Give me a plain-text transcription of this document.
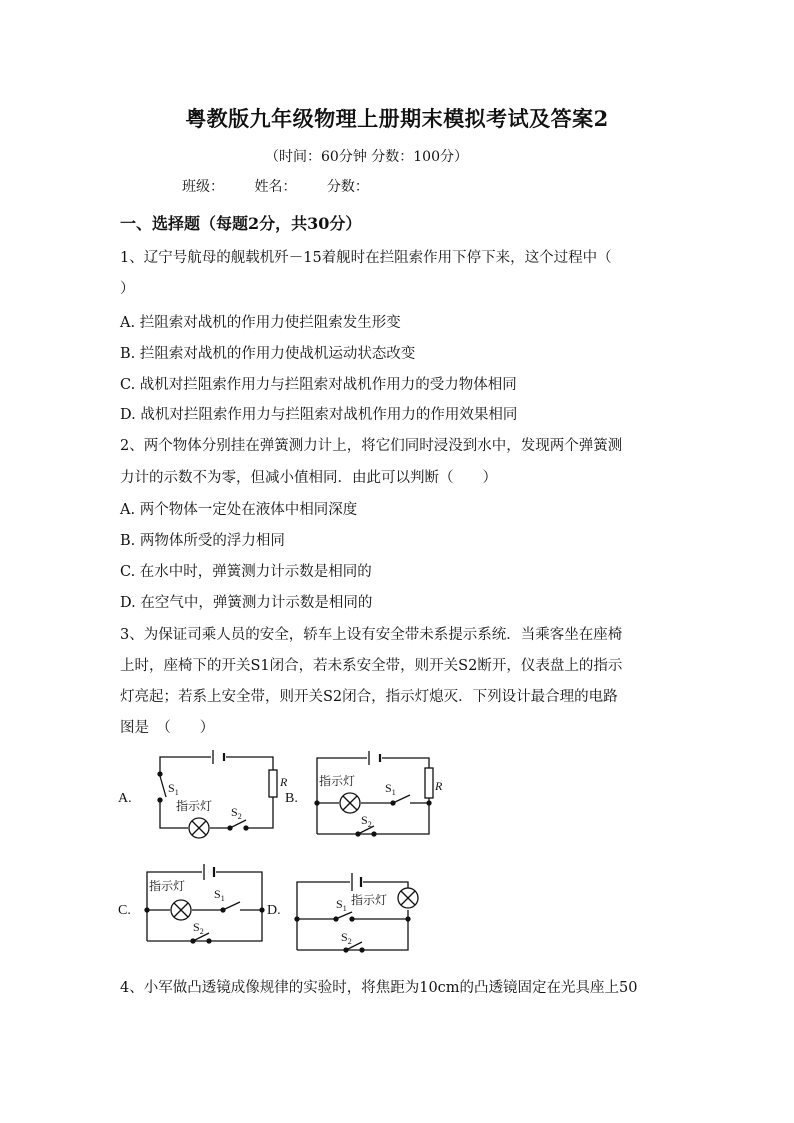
粤教版九年级物理上册期末模拟考试及答案2
（时间：60分钟 分数：100分）
班级： 姓名： 分数：
一、选择题（每题2分，共30分）
1、辽宁号航母的舰载机歼－15着舰时在拦阻索作用下停下来，这个过程中（
）
A. 拦阻索对战机的作用力使拦阻索发生形变
B. 拦阻索对战机的作用力使战机运动状态改变
C. 战机对拦阻索作用力与拦阻索对战机作用力的受力物体相同
D. 战机对拦阻索作用力与拦阻索对战机作用力的作用效果相同
2、两个物体分别挂在弹簧测力计上，将它们同时浸没到水中，发现两个弹簧测
力计的示数不为零，但减小值相同．由此可以判断（　　）
A. 两个物体一定处在液体中相同深度
B. 两物体所受的浮力相同
C. 在水中时，弹簧测力计示数是相同的
D. 在空气中，弹簧测力计示数是相同的
3、为保证司乘人员的安全，轿车上设有安全带未系提示系统．当乘客坐在座椅
上时，座椅下的开关S1闭合，若未系安全带，则开关S2断开，仪表盘上的指示
灯亮起；若系上安全带，则开关S2闭合，指示灯熄灭．下列设计最合理的电路
图是　（　　）
A.	B.
C.	D.
R
$S_1$
指示灯 $S_2$
R
指示灯 $S_1$
$S_2$
指示灯
$S_1$
$S_2$
指示灯
$S_1$
$S_2$
4、小军做凸透镜成像规律的实验时，将焦距为10cm的凸透镜固定在光具座上50
